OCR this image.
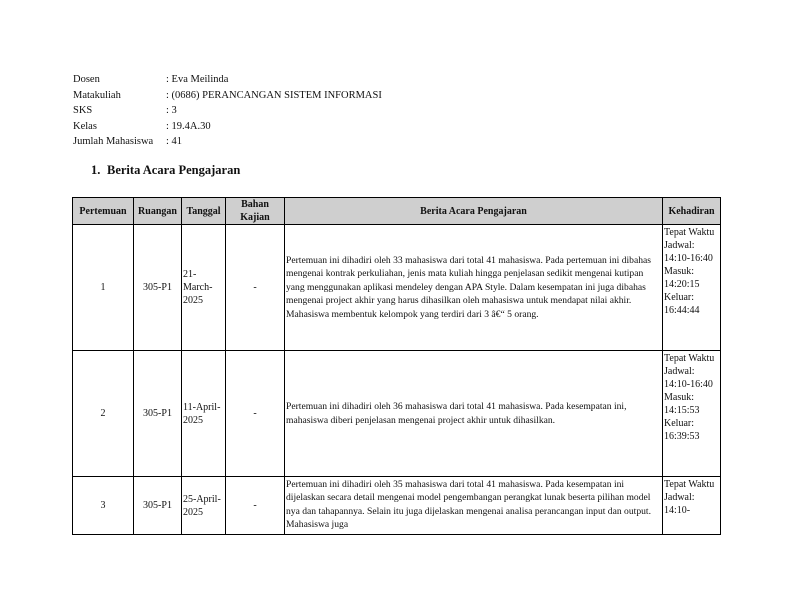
Dosen	: Eva Meilinda
Matakuliah	: (0686) PERANCANGAN SISTEM INFORMASI
SKS	: 3
Kelas	: 19.4A.30
Jumlah Mahasiswa	: 41
1. Berita Acara Pengajaran
Pertemuan	Ruangan	Tanggal	Bahan Kajian	Berita Acara Pengajaran	Kehadiran
1	305-P1	21-March-2025	-	Pertemuan ini dihadiri oleh 33 mahasiswa dari total 41 mahasiswa. Pada pertemuan ini dibahas mengenai kontrak perkuliahan, jenis mata kuliah hingga penjelasan sedikit mengenai kutipan yang menggunakan aplikasi mendeley dengan APA Style. Dalam kesempatan ini juga dibahas mengenai project akhir yang harus dihasilkan oleh mahasiswa untuk mendapat nilai akhir. Mahasiswa membentuk kelompok yang terdiri dari 3 â€“ 5 orang.	Tepat Waktu Jadwal: 14:10-16:40 Masuk: 14:20:15 Keluar: 16:44:44
2	305-P1	11-April-2025	-	Pertemuan ini dihadiri oleh 36 mahasiswa dari total 41 mahasiswa. Pada kesempatan ini, mahasiswa diberi penjelasan mengenai project akhir untuk dihasilkan.	Tepat Waktu Jadwal: 14:10-16:40 Masuk: 14:15:53 Keluar: 16:39:53
3	305-P1	25-April-2025	-	Pertemuan ini dihadiri oleh 35 mahasiswa dari total 41 mahasiswa. Pada kesempatan ini dijelaskan secara detail mengenai model pengembangan perangkat lunak beserta pilihan model nya dan tahapannya. Selain itu juga dijelaskan mengenai analisa perancangan input dan output. Mahasiswa juga	Tepat Waktu Jadwal: 14:10-
